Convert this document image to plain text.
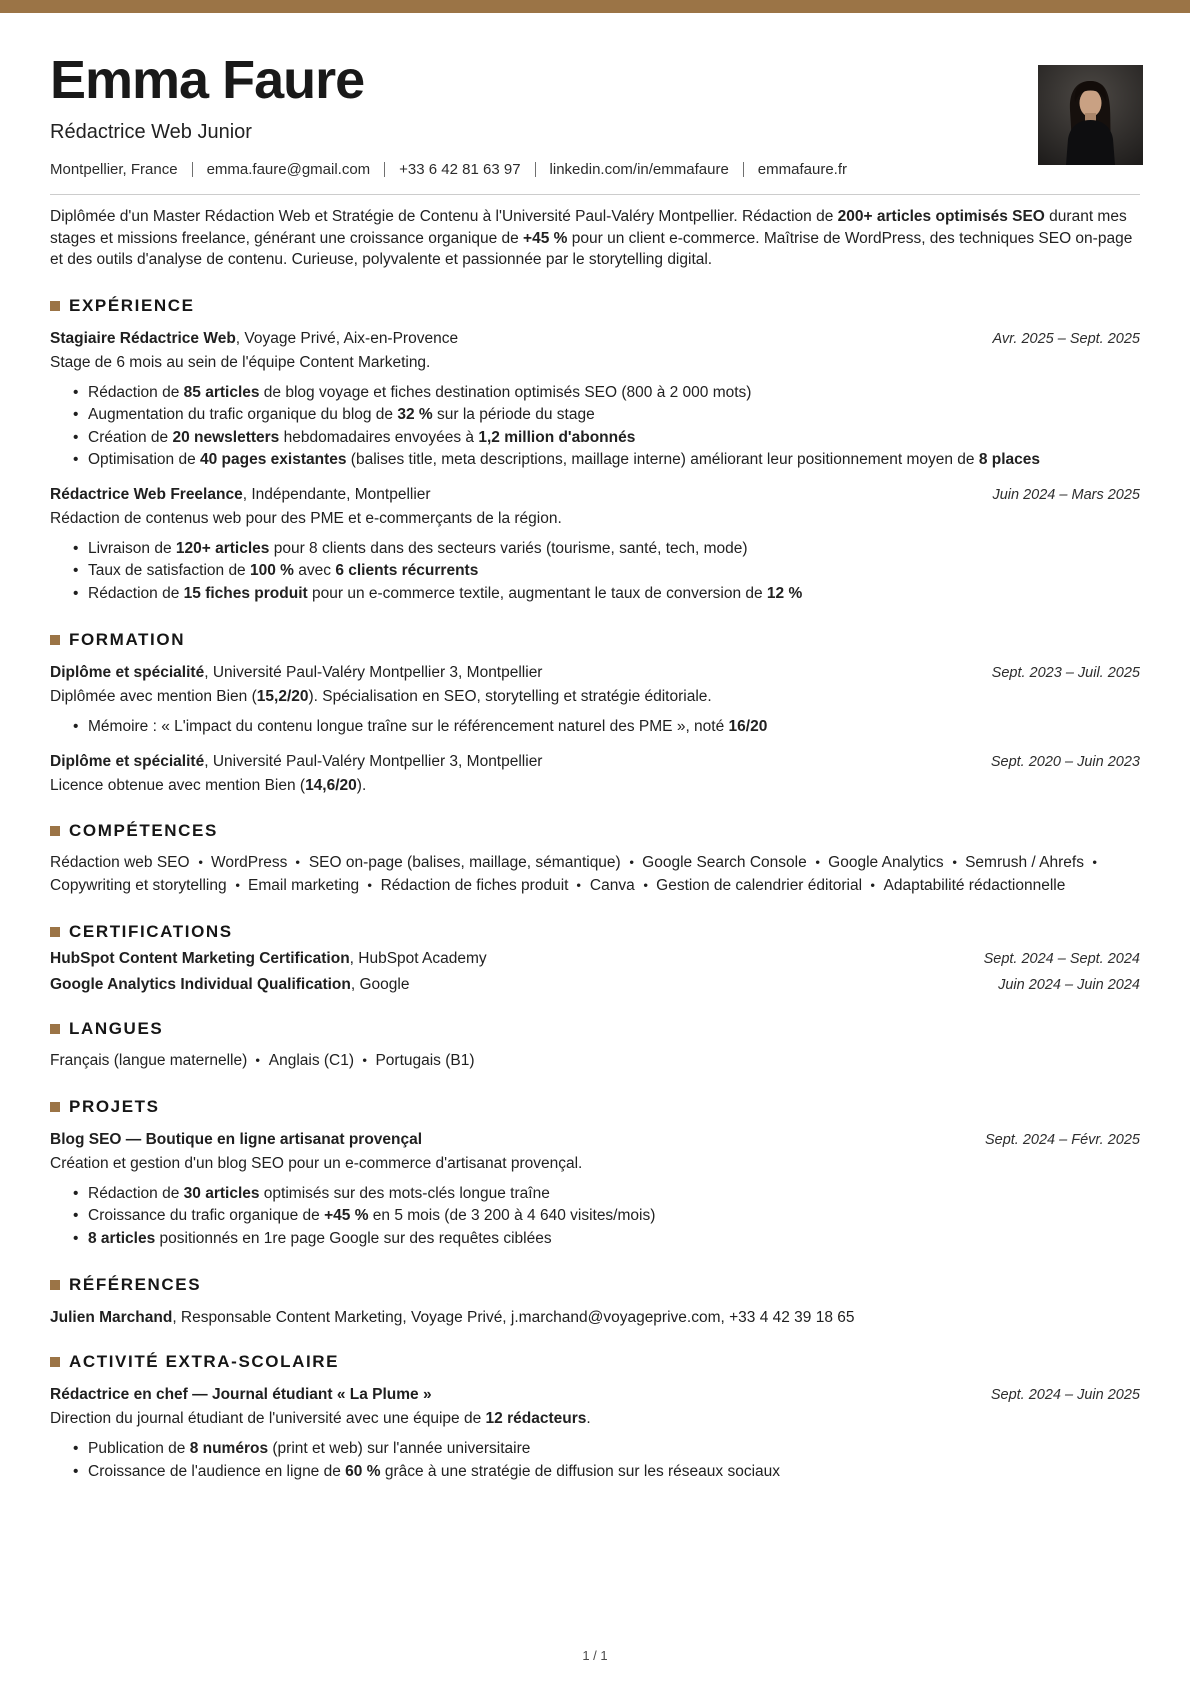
Emma Faure
Rédactrice Web Junior
Montpellier, France emma.faure@gmail.com +33 6 42 81 63 97 linkedin.com/in/emmafaure emmafaure.fr

Diplômée d'un Master Rédaction Web et Stratégie de Contenu à l'Université Paul-Valéry Montpellier. Rédaction de 200+ articles optimisés SEO durant mes stages et missions freelance, générant une croissance organique de +45 % pour un client e-commerce. Maîtrise de WordPress, des techniques SEO on-page et des outils d'analyse de contenu. Curieuse, polyvalente et passionnée par le storytelling digital.

EXPÉRIENCE
Stagiaire Rédactrice Web, Voyage Privé, Aix-en-Provence	Avr. 2025 – Sept. 2025

Stage de 6 mois au sein de l'équipe Content Marketing.

• Rédaction de 85 articles de blog voyage et fiches destination optimisés SEO (800 à 2 000 mots)
• Augmentation du trafic organique du blog de 32 % sur la période du stage
• Création de 20 newsletters hebdomadaires envoyées à 1,2 million d'abonnés
• Optimisation de 40 pages existantes (balises title, meta descriptions, maillage interne) améliorant leur positionnement moyen de 8 places
Rédactrice Web Freelance, Indépendante, Montpellier	Juin 2024 – Mars 2025

Rédaction de contenus web pour des PME et e-commerçants de la région.

• Livraison de 120+ articles pour 8 clients dans des secteurs variés (tourisme, santé, tech, mode)
• Taux de satisfaction de 100 % avec 6 clients récurrents
• Rédaction de 15 fiches produit pour un e-commerce textile, augmentant le taux de conversion de 12 %
FORMATION
Diplôme et spécialité, Université Paul-Valéry Montpellier 3, Montpellier	Sept. 2023 – Juil. 2025

Diplômée avec mention Bien (15,2/20). Spécialisation en SEO, storytelling et stratégie éditoriale.

• Mémoire : « L'impact du contenu longue traîne sur le référencement naturel des PME », noté 16/20
Diplôme et spécialité, Université Paul-Valéry Montpellier 3, Montpellier	Sept. 2020 – Juin 2023

Licence obtenue avec mention Bien (14,6/20).

COMPÉTENCES

Rédaction web SEO • WordPress • SEO on-page (balises, maillage, sémantique) • Google Search Console • Google Analytics • Semrush / Ahrefs •Copywriting et storytelling • Email marketing • Rédaction de fiches produit • Canva • Gestion de calendrier éditorial • Adaptabilité rédactionnelle

CERTIFICATIONS
HubSpot Content Marketing Certification, HubSpot Academy	Sept. 2024 – Sept. 2024
Google Analytics Individual Qualification, Google	Juin 2024 – Juin 2024
LANGUES

Français (langue maternelle) • Anglais (C1) • Portugais (B1)

PROJETS
Blog SEO — Boutique en ligne artisanat provençal	Sept. 2024 – Févr. 2025

Création et gestion d'un blog SEO pour un e-commerce d'artisanat provençal.

• Rédaction de 30 articles optimisés sur des mots-clés longue traîne
• Croissance du trafic organique de +45 % en 5 mois (de 3 200 à 4 640 visites/mois)
• 8 articles positionnés en 1re page Google sur des requêtes ciblées
RÉFÉRENCES
Julien Marchand, Responsable Content Marketing, Voyage Privé, j.marchand@voyageprive.com, +33 4 42 39 18 65
ACTIVITÉ EXTRA-SCOLAIRE
Rédactrice en chef — Journal étudiant « La Plume »	Sept. 2024 – Juin 2025

Direction du journal étudiant de l'université avec une équipe de 12 rédacteurs.

• Publication de 8 numéros (print et web) sur l'année universitaire
• Croissance de l'audience en ligne de 60 % grâce à une stratégie de diffusion sur les réseaux sociaux
1 / 1
